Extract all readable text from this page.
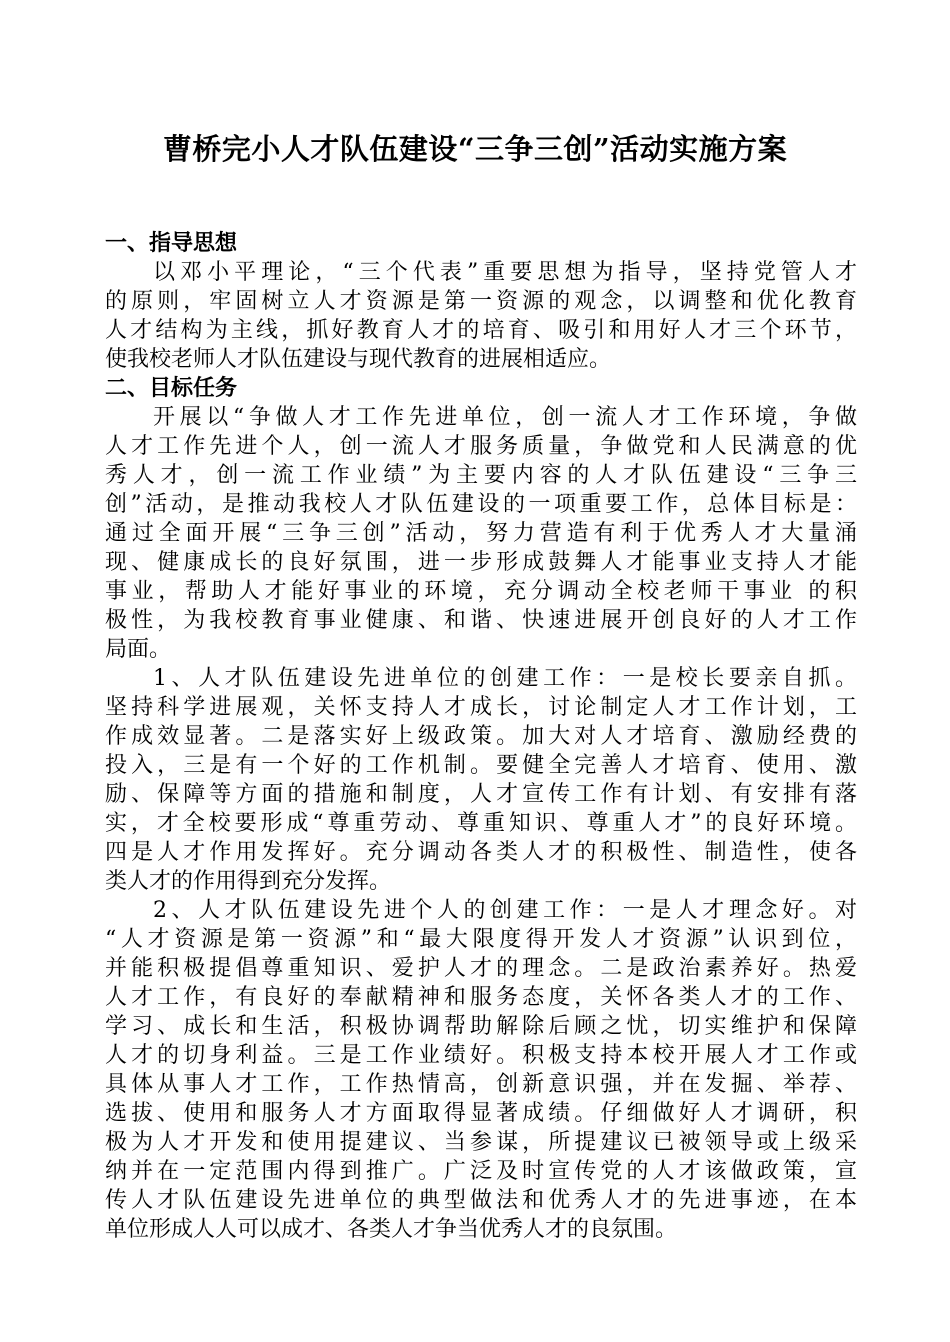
曹桥完小人才队伍建设“三争三创”活动实施方案
一、指导思想
以邓小平理论，“三个代表”重要思想为指导，坚持党管人才
的原则，牢固树立人才资源是第一资源的观念，以调整和优化教育
人才结构为主线，抓好教育人才的培育、吸引和用好人才三个环节，
使我校老师人才队伍建设与现代教育的进展相适应。
二、目标任务
开展以“争做人才工作先进单位，创一流人才工作环境，争做
人才工作先进个人，创一流人才服务质量，争做党和人民满意的优
秀人才，创一流工作业绩”为主要内容的人才队伍建设“三争三
创”活动，是推动我校人才队伍建设的一项重要工作，总体目标是：
通过全面开展“三争三创”活动，努力营造有利于优秀人才大量涌
现、健康成长的良好氛围，进一步形成鼓舞人才能事业支持人才能
事业，帮助人才能好事业的环境，充分调动全校老师干事业 的积
极性，为我校教育事业健康、和谐、快速进展开创良好的人才工作
局面。
1、人才队伍建设先进单位的创建工作：一是校长要亲自抓。
坚持科学进展观，关怀支持人才成长，讨论制定人才工作计划，工
作成效显著。二是落实好上级政策。加大对人才培育、激励经费的
投入，三是有一个好的工作机制。要健全完善人才培育、使用、激
励、保障等方面的措施和制度，人才宣传工作有计划、有安排有落
实，才全校要形成“尊重劳动、尊重知识、尊重人才”的良好环境。
四是人才作用发挥好。充分调动各类人才的积极性、制造性，使各
类人才的作用得到充分发挥。
2、人才队伍建设先进个人的创建工作：一是人才理念好。对
“人才资源是第一资源”和“最大限度得开发人才资源”认识到位，
并能积极提倡尊重知识、爱护人才的理念。二是政治素养好。热爱
人才工作，有良好的奉献精神和服务态度，关怀各类人才的工作、
学习、成长和生活，积极协调帮助解除后顾之忧，切实维护和保障
人才的切身利益。三是工作业绩好。积极支持本校开展人才工作或
具体从事人才工作，工作热情高，创新意识强，并在发掘、举荐、
选拔、使用和服务人才方面取得显著成绩。仔细做好人才调研，积
极为人才开发和使用提建议、当参谋，所提建议已被领导或上级采
纳并在一定范围内得到推广。广泛及时宣传党的人才该做政策，宣
传人才队伍建设先进单位的典型做法和优秀人才的先进事迹，在本
单位形成人人可以成才、各类人才争当优秀人才的良氛围。
